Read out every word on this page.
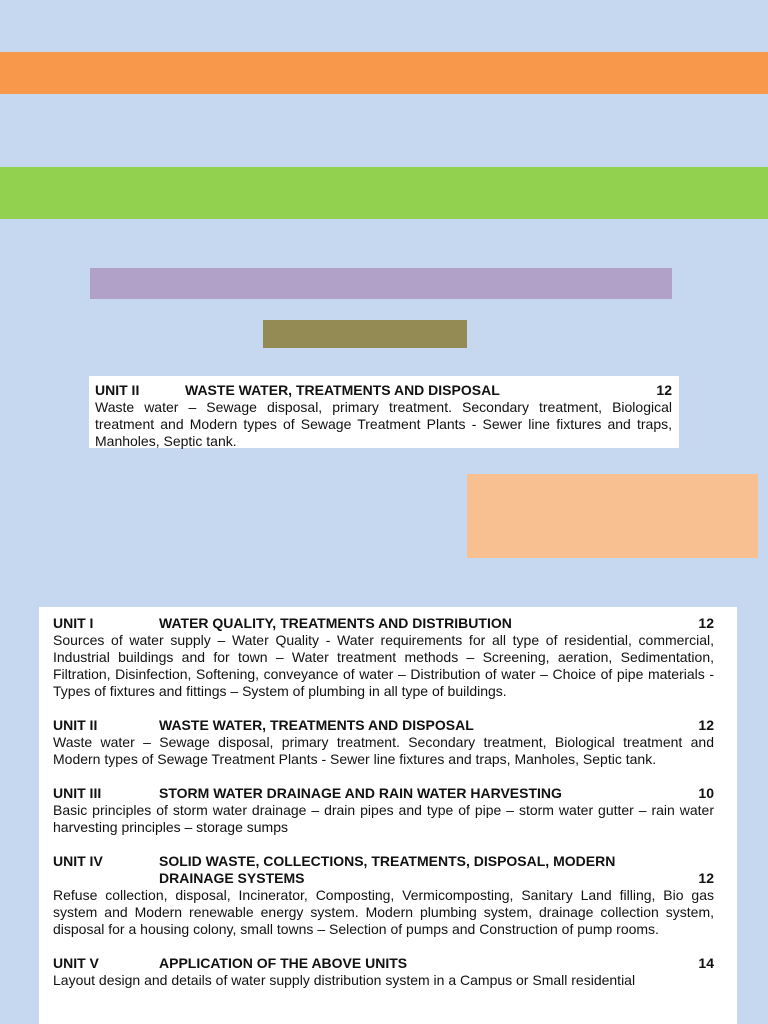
UNIT II	WASTE WATER, TREATMENTS AND DISPOSAL	12
Waste water – Sewage disposal, primary treatment. Secondary treatment, Biological treatment and Modern types of Sewage Treatment Plants - Sewer line fixtures and traps, Manholes, Septic tank.
UNIT I	WATER QUALITY, TREATMENTS AND DISTRIBUTION	12
Sources of water supply – Water Quality - Water requirements for all type of residential, commercial, Industrial buildings and for town – Water treatment methods – Screening, aeration, Sedimentation, Filtration, Disinfection, Softening, conveyance of water – Distribution of water – Choice of pipe materials - Types of fixtures and fittings – System of plumbing in all type of buildings.
UNIT II	WASTE WATER, TREATMENTS AND DISPOSAL	12
Waste water – Sewage disposal, primary treatment. Secondary treatment, Biological treatment and Modern types of Sewage Treatment Plants - Sewer line fixtures and traps, Manholes, Septic tank.
UNIT III	STORM WATER DRAINAGE AND RAIN WATER HARVESTING	10
Basic principles of storm water drainage – drain pipes and type of pipe – storm water gutter – rain water harvesting principles – storage sumps
UNIT IV	SOLID WASTE, COLLECTIONS, TREATMENTS, DISPOSAL, MODERN DRAINAGE SYSTEMS	12
Refuse collection, disposal, Incinerator, Composting, Vermicomposting, Sanitary Land filling, Bio gas system and Modern renewable energy system. Modern plumbing system, drainage collection system, disposal for a housing colony, small towns – Selection of pumps and Construction of pump rooms.
UNIT V	APPLICATION OF THE ABOVE UNITS	14
Layout design and details of water supply distribution system in a Campus or Small residential
